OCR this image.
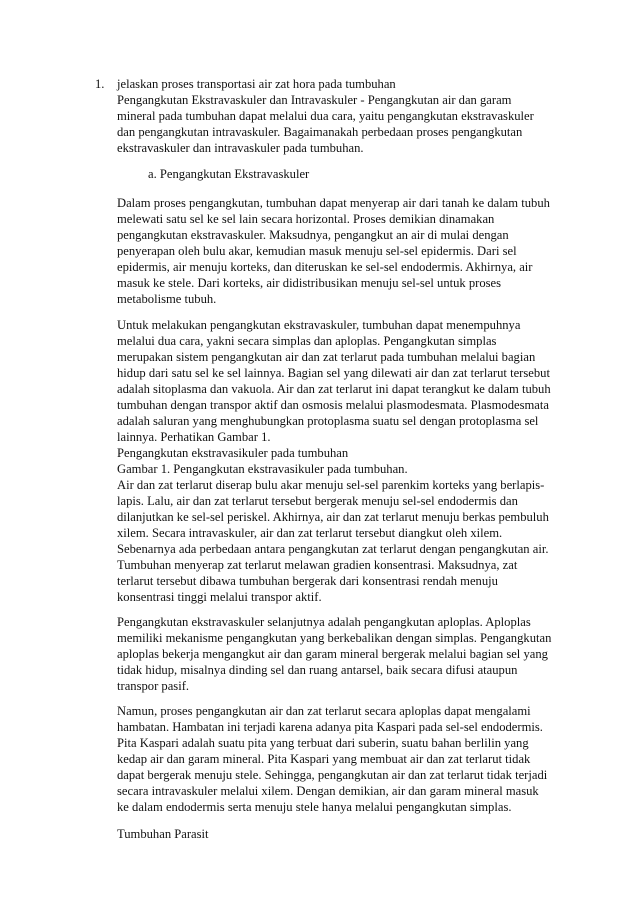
1. jelaskan proses transportasi air zat hora pada tumbuhan
Pengangkutan Ekstravaskuler dan Intravaskuler - Pengangkutan air dan garam
mineral pada tumbuhan dapat melalui dua cara, yaitu pengangkutan ekstravaskuler
dan pengangkutan intravaskuler. Bagaimanakah perbedaan proses pengangkutan
ekstravaskuler dan intravaskuler pada tumbuhan.
a. Pengangkutan Ekstravaskuler
Dalam proses pengangkutan, tumbuhan dapat menyerap air dari tanah ke dalam tubuh
melewati satu sel ke sel lain secara horizontal. Proses demikian dinamakan
pengangkutan ekstravaskuler. Maksudnya, pengangkut an air di mulai dengan
penyerapan oleh bulu akar, kemudian masuk menuju sel-sel epidermis. Dari sel
epidermis, air menuju korteks, dan diteruskan ke sel-sel endodermis. Akhirnya, air
masuk ke stele. Dari korteks, air didistribusikan menuju sel-sel untuk proses
metabolisme tubuh.
Untuk melakukan pengangkutan ekstravaskuler, tumbuhan dapat menempuhnya
melalui dua cara, yakni secara simplas dan aploplas. Pengangkutan simplas
merupakan sistem pengangkutan air dan zat terlarut pada tumbuhan melalui bagian
hidup dari satu sel ke sel lainnya. Bagian sel yang dilewati air dan zat terlarut tersebut
adalah sitoplasma dan vakuola. Air dan zat terlarut ini dapat terangkut ke dalam tubuh
tumbuhan dengan transpor aktif dan osmosis melalui plasmodesmata. Plasmodesmata
adalah saluran yang menghubungkan protoplasma suatu sel dengan protoplasma sel
lainnya. Perhatikan Gambar 1.
Pengangkutan ekstravasikuler pada tumbuhan
Gambar 1. Pengangkutan ekstravasikuler pada tumbuhan.
Air dan zat terlarut diserap bulu akar menuju sel-sel parenkim korteks yang berlapis-
lapis. Lalu, air dan zat terlarut tersebut bergerak menuju sel-sel endodermis dan
dilanjutkan ke sel-sel periskel. Akhirnya, air dan zat terlarut menuju berkas pembuluh
xilem. Secara intravaskuler, air dan zat terlarut tersebut diangkut oleh xilem.
Sebenarnya ada perbedaan antara pengangkutan zat terlarut dengan pengangkutan air.
Tumbuhan menyerap zat terlarut melawan gradien konsentrasi. Maksudnya, zat
terlarut tersebut dibawa tumbuhan bergerak dari konsentrasi rendah menuju
konsentrasi tinggi melalui transpor aktif.
Pengangkutan ekstravaskuler selanjutnya adalah pengangkutan aploplas. Aploplas
memiliki mekanisme pengangkutan yang berkebalikan dengan simplas. Pengangkutan
aploplas bekerja mengangkut air dan garam mineral bergerak melalui bagian sel yang
tidak hidup, misalnya dinding sel dan ruang antarsel, baik secara difusi ataupun
transpor pasif.
Namun, proses pengangkutan air dan zat terlarut secara aploplas dapat mengalami
hambatan. Hambatan ini terjadi karena adanya pita Kaspari pada sel-sel endodermis.
Pita Kaspari adalah suatu pita yang terbuat dari suberin, suatu bahan berlilin yang
kedap air dan garam mineral. Pita Kaspari yang membuat air dan zat terlarut tidak
dapat bergerak menuju stele. Sehingga, pengangkutan air dan zat terlarut tidak terjadi
secara intravaskuler melalui xilem. Dengan demikian, air dan garam mineral masuk
ke dalam endodermis serta menuju stele hanya melalui pengangkutan simplas.
Tumbuhan Parasit
